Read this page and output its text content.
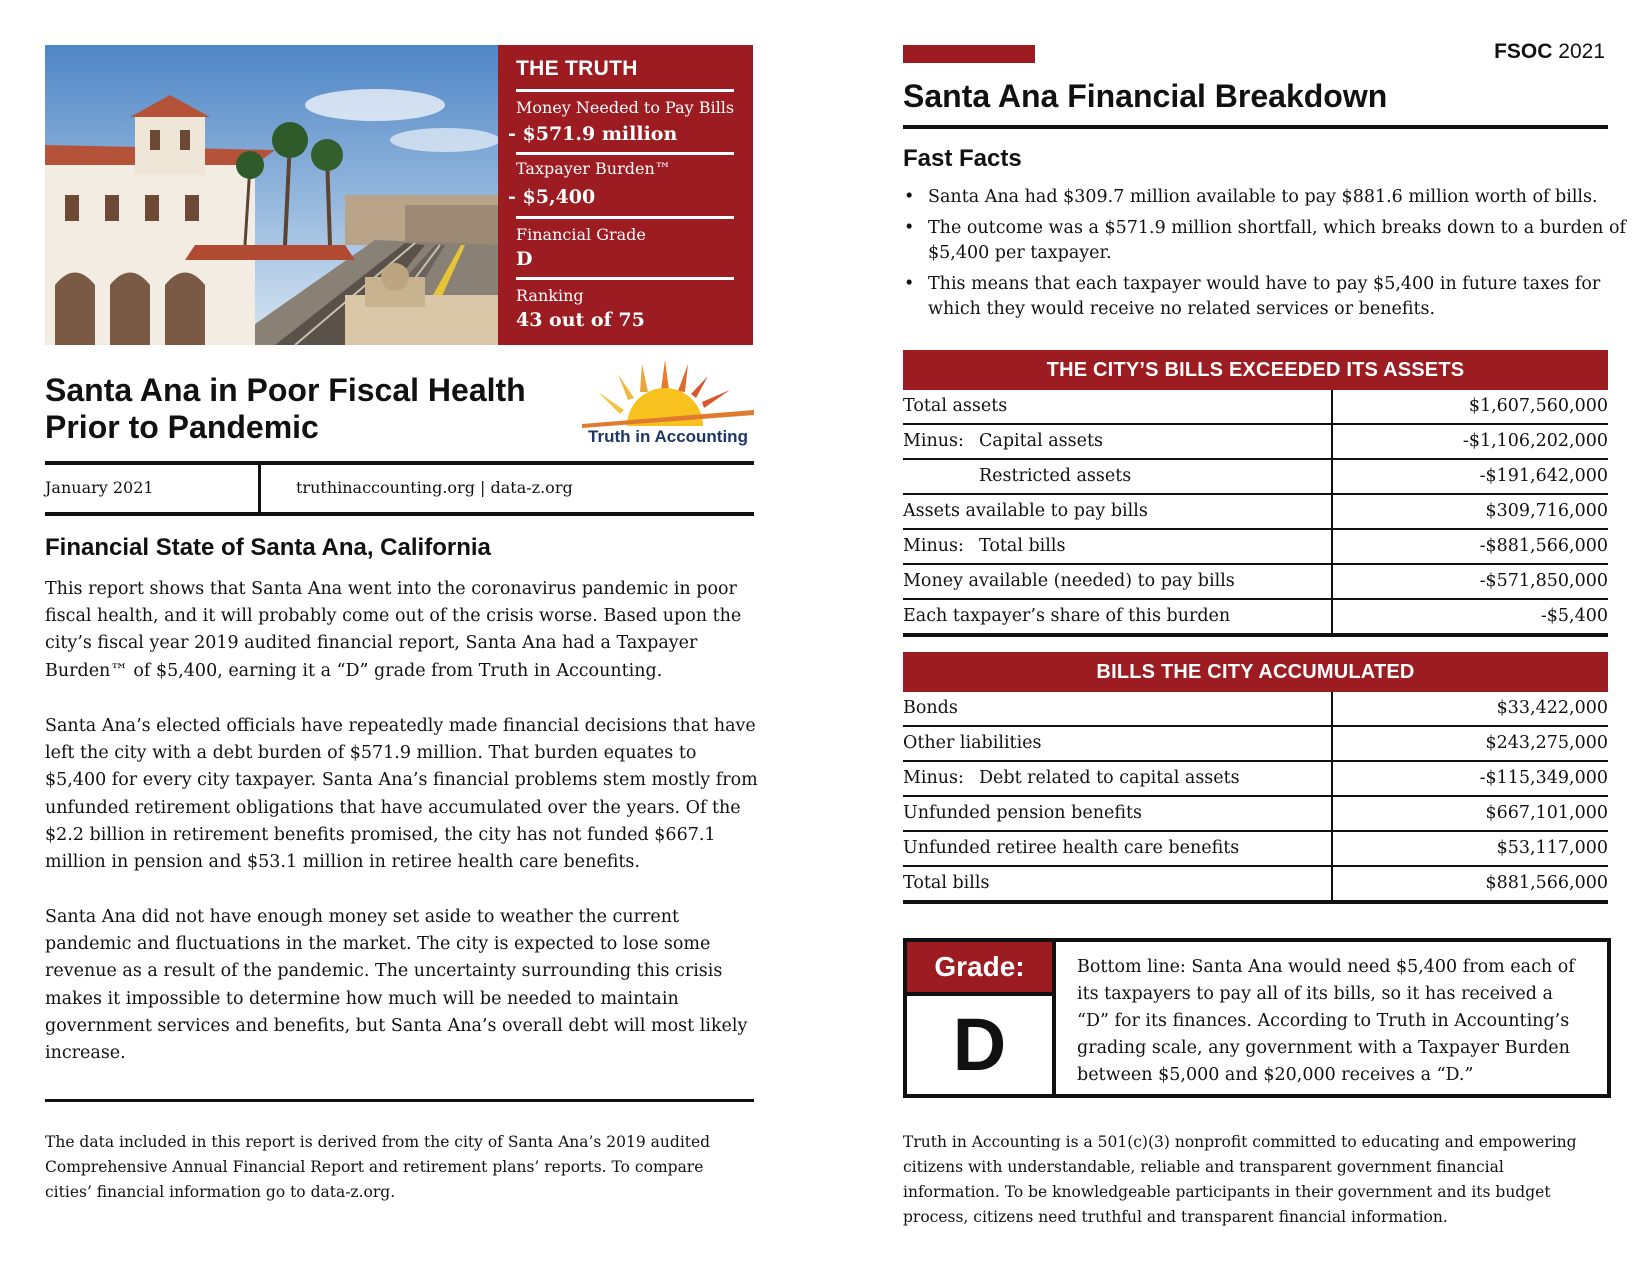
THE TRUTH
Money Needed to Pay Bills
- $571.9 million
Taxpayer Burden™
- $5,400
Financial Grade
D
Ranking
43 out of 75
Santa Ana in Poor Fiscal Health
Prior to Pandemic	Truth in Accounting
January 2021	truthinaccounting.org | data-z.org
Financial State of Santa Ana, California
This report shows that Santa Ana went into the coronavirus pandemic in poor fiscal health, and it will probably come out of the crisis worse. Based upon the city’s fiscal year 2019 audited financial report, Santa Ana had a Taxpayer Burden™ of $5,400, earning it a “D” grade from Truth in Accounting.
Santa Ana’s elected officials have repeatedly made financial decisions that have left the city with a debt burden of $571.9 million. That burden equates to $5,400 for every city taxpayer. Santa Ana’s financial problems stem mostly from unfunded retirement obligations that have accumulated over the years. Of the $2.2 billion in retirement benefits promised, the city has not funded $667.1 million in pension and $53.1 million in retiree health care benefits.
Santa Ana did not have enough money set aside to weather the current pandemic and fluctuations in the market. The city is expected to lose some revenue as a result of the pandemic. The uncertainty surrounding this crisis makes it impossible to determine how much will be needed to maintain government services and benefits, but Santa Ana’s overall debt will most likely increase.
The data included in this report is derived from the city of Santa Ana’s 2019 audited Comprehensive Annual Financial Report and retirement plans’ reports. To compare cities’ financial information go to data-z.org.
FSOC 2021
Santa Ana Financial Breakdown
Fast Facts
• Santa Ana had $309.7 million available to pay $881.6 million worth of bills.
• The outcome was a $571.9 million shortfall, which breaks down to a burden of $5,400 per taxpayer.
• This means that each taxpayer would have to pay $5,400 in future taxes for which they would receive no related services or benefits.
THE CITY’S BILLS EXCEEDED ITS ASSETS
Total assets	$1,607,560,000
Minus: Capital assets	-$1,106,202,000
Restricted assets	-$191,642,000
Assets available to pay bills	$309,716,000
Minus: Total bills	-$881,566,000
Money available (needed) to pay bills	-$571,850,000
Each taxpayer’s share of this burden	-$5,400
BILLS THE CITY ACCUMULATED
Bonds	$33,422,000
Other liabilities	$243,275,000
Minus: Debt related to capital assets	-$115,349,000
Unfunded pension benefits	$667,101,000
Unfunded retiree health care benefits	$53,117,000
Total bills	$881,566,000
Grade:
D
Bottom line: Santa Ana would need $5,400 from each of its taxpayers to pay all of its bills, so it has received a “D” for its finances. According to Truth in Accounting’s grading scale, any government with a Taxpayer Burden between $5,000 and $20,000 receives a “D.”
Truth in Accounting is a 501(c)(3) nonprofit committed to educating and empowering citizens with understandable, reliable and transparent government financial information. To be knowledgeable participants in their government and its budget process, citizens need truthful and transparent financial information.
